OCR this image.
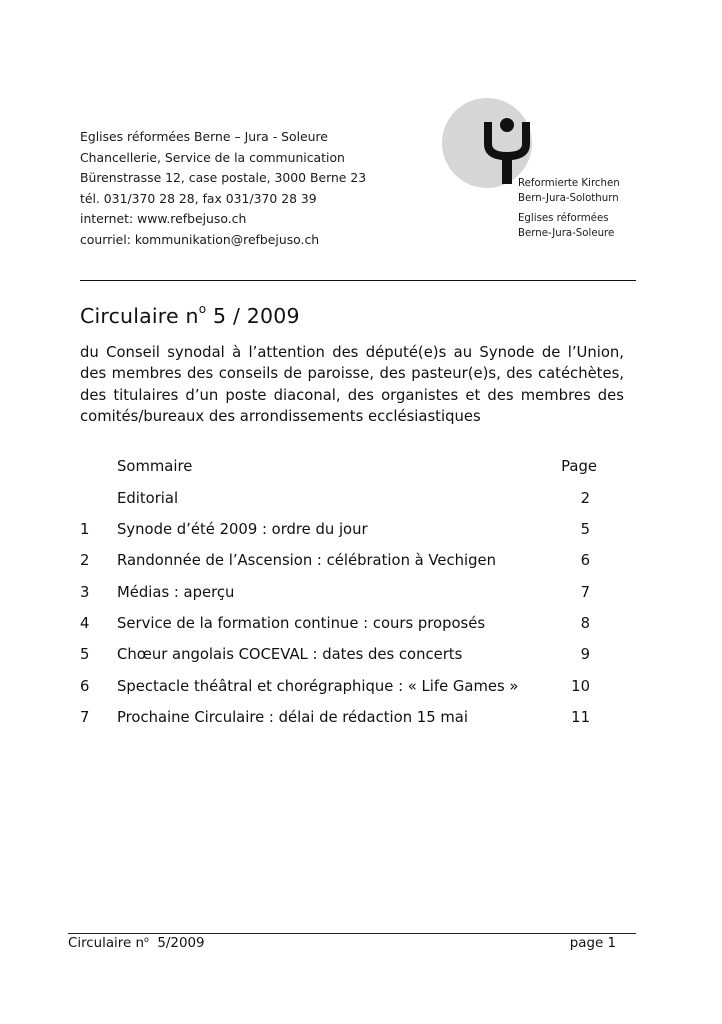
Eglises réformées Berne – Jura - Soleure
Chancellerie, Service de la communication
Bürenstrasse 12, case postale, 3000 Berne 23
tél. 031/370 28 28, fax 031/370 28 39
internet: www.refbejuso.ch
courriel: kommunikation@refbejuso.ch
Reformierte Kirchen
Bern-Jura-Solothurn
Eglises réformées
Berne-Jura-Soleure
Circulaire $n^o$ 5 / 2009
du Conseil synodal à l’attention des député(e)s au Synode de l’Union, des membres des conseils de paroisse, des pasteur(e)s, des catéchètes, des titulaires d’un poste diaconal, des organistes et des membres des comités/bureaux des arrondissements ecclésiastiques
Sommaire	Page
Editorial	2
1 Synode d’été 2009 : ordre du jour	5
2 Randonnée de l’Ascension : célébration à Vechigen	6
3 Médias : aperçu	7
4 Service de la formation continue : cours proposés	8
5 Chœur angolais COCEVAL : dates des concerts	9
6 Spectacle théâtral et chorégraphique : « Life Games »	10
7 Prochaine Circulaire : délai de rédaction 15 mai	11
Circulaire $n^o$  5/2009	page 1
